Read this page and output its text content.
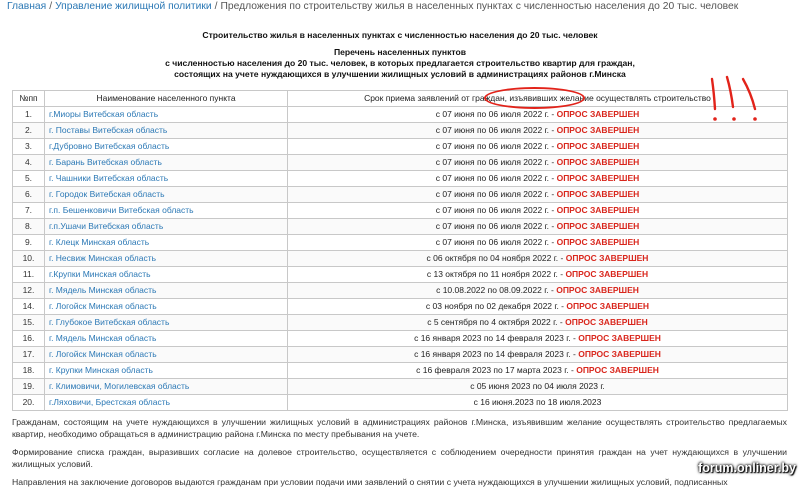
Главная / Управление жилищной политики / Предложения по строительству жилья в населенных пунктах с численностью населения до 20 тыс. человек
Строительство жилья в населенных пунктах с численностью населения до 20 тыс. человек
Перечень населенных пунктов
с численностью населения до 20 тыс. человек, в которых предлагается строительство квартир для граждан,
состоящих на учете нуждающихся в улучшении жилищных условий в администрациях районов г.Минска
№пп	Наименование населенного пункта	Срок приема заявлений от граждан, изъявивших желание осуществлять строительство
1.	г.Миоры Витебская область	с 07 июня по 06 июля 2022 г. - ОПРОС ЗАВЕРШЕН
2.	г. Поставы Витебская область	с 07 июня по 06 июля 2022 г. - ОПРОС ЗАВЕРШЕН
3.	г.Дубровно Витебская область	с 07 июня по 06 июля 2022 г. - ОПРОС ЗАВЕРШЕН
4.	г. Барань Витебская область	с 07 июня по 06 июля 2022 г. - ОПРОС ЗАВЕРШЕН
5.	г. Чашники Витебская область	с 07 июня по 06 июля 2022 г. - ОПРОС ЗАВЕРШЕН
6.	г. Городок Витебская область	с 07 июня по 06 июля 2022 г. - ОПРОС ЗАВЕРШЕН
7.	г.п. Бешенковичи Витебская область	с 07 июня по 06 июля 2022 г. - ОПРОС ЗАВЕРШЕН
8.	г.п.Ушачи Витебская область	с 07 июня по 06 июля 2022 г. - ОПРОС ЗАВЕРШЕН
9.	г. Клецк Минская область	с 07 июня по 06 июля 2022 г. - ОПРОС ЗАВЕРШЕН
10.	г. Несвиж Минская область	с 06 октября по 04 ноября 2022 г. - ОПРОС ЗАВЕРШЕН
11.	г.Крупки Минская область	с 13 октября по 11 ноября 2022 г. - ОПРОС ЗАВЕРШЕН
12.	г. Мядель Минская область	с 10.08.2022 по 08.09.2022 г. - ОПРОС ЗАВЕРШЕН
14.	г. Логойск Минская область	с 03 ноября по 02 декабря 2022 г. - ОПРОС ЗАВЕРШЕН
15.	г. Глубокое Витебская область	с 5 сентября по 4 октября 2022 г. - ОПРОС ЗАВЕРШЕН
16.	г. Мядель Минская область	с 16 января 2023 по 14 февраля 2023 г. - ОПРОС ЗАВЕРШЕН
17.	г. Логойск Минская область	с 16 января 2023 по 14 февраля 2023 г. - ОПРОС ЗАВЕРШЕН
18.	г. Крупки Минская область	с 16 февраля 2023 по 17 марта 2023 г. - ОПРОС ЗАВЕРШЕН
19.	г. Климовичи, Могилевская область	с 05 июня 2023 по 04 июля 2023 г.
20.	г.Ляховичи, Брестская область	с 16 июня.2023 по 18 июля.2023
Гражданам, состоящим на учете нуждающихся в улучшении жилищных условий в администрациях районов г.Минска, изъявившим желание осуществлять строительство предлагаемых квартир, необходимо обращаться в администрацию района г.Минска по месту пребывания на учете.
Формирование списка граждан, выразивших согласие на долевое строительство, осуществляется с соблюдением очередности принятия граждан на учет нуждающихся в улучшении жилищных условий.
Направления на заключение договоров выдаются гражданам при условии подачи ими заявлений о снятии с учета нуждающихся в улучшении жилищных условий, подписанных
forum.onliner.by
